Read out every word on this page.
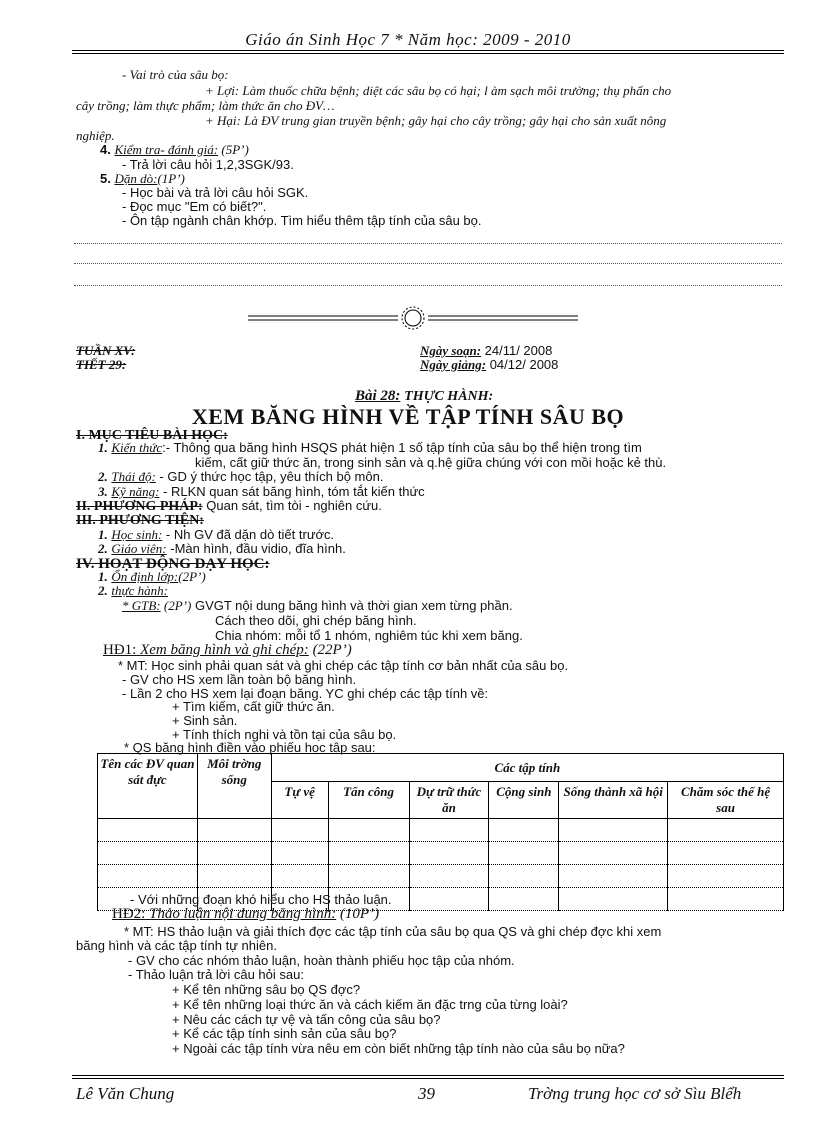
Giáo án Sinh Học 7 * Năm học: 2009 - 2010
- Vai trò của sâu bọ:
+ Lợi: Làm thuốc chữa bệnh; diệt các sâu bọ có hại; l àm sạch môi trường; thụ phấn cho
cây trồng; làm thực phẩm; làm thức ăn cho ĐV…
+ Hại: Là ĐV trung gian truyền bệnh; gây hại cho cây trồng; gây hại cho sản xuất nông
nghiệp.
4. Kiểm tra- đánh giá: (5P’)
- Trả lời câu hỏi 1,2,3SGK/93.
5. Dặn dò:(1P’)
- Học bài và trả lời câu hỏi SGK.
- Đọc mục "Em có biết?".
- Ôn tập ngành chân khớp. Tìm hiểu thêm tập tính của sâu bọ.
TUẦN XV:
TIẾT 29:
Ngày soạn: 24/11/ 2008
Ngày giảng: 04/12/ 2008
Bài 28: THỰC HÀNH:
XEM BĂNG HÌNH VỀ TẬP TÍNH SÂU BỌ
I. MỤC TIÊU BÀI HỌC:
1. Kiến thức:- Thông qua băng hình HSQS phát hiện 1 số tập tính của sâu bọ thể hiện trong tìm
kiếm, cất giữ thức ăn, trong sinh sản và q.hệ giữa chúng với con mồi hoặc kẻ thù.
2. Thái độ: - GD ý thức học tập, yêu thích bộ môn.
3. Kỹ năng: - RLKN quan sát băng hình, tóm tắt kiến thức
II. PHƯƠNG PHÁP: Quan sát, tìm tòi - nghiên cứu.
III. PHƯƠNG TIỆN:
1. Học sinh: - Nh GV đã dặn dò tiết trước.
2. Giáo viên: -Màn hình, đầu vidio, đĩa hình.
IV. HOẠT ĐỘNG DẠY HỌC:
1. Ổn định lớp:(2P’)
2. thực hành:
* GTB: (2P’) GVGT nội dung băng hình và thời gian xem từng phần.
Cách theo dõi, ghi chép băng hình.
Chia nhóm: mỗi tổ 1 nhóm, nghiêm túc khi xem băng.
HĐ1: Xem băng hình và ghi chép: (22P’)
* MT: Học sinh phải quan sát và ghi chép các tập tính cơ bản nhất của sâu bọ.
- GV cho HS xem lần toàn bộ băng hình.
- Lần 2 cho HS xem lại đoạn băng. YC ghi chép các tập tính về:
+ Tìm kiếm, cất giữ thức ăn.
+ Sinh sản.
+ Tính thích nghi và tồn tại của sâu bọ.
* QS băng hình điền vào phiếu học tập sau:
Tên các ĐV quan sát đực	Môi trờng sống	Các tập tính					
		Tự vệ	Tấn công	Dự trữ thức ăn	Cộng sinh	Sống thành xã hội	Chăm sóc thế hệ sau

- Với những đoạn khó hiểu cho HS thảo luận.
HĐ2: Thảo luận nội dung băng hình: (10P’)
* MT: HS thảo luận và giải thích đợc các tập tính của sâu bọ qua QS và ghi chép đợc khi xem
băng hình và các tập tính tự nhiên.
- GV cho các nhóm thảo luận, hoàn thành phiếu học tập của nhóm.
- Thảo luận trả lời câu hỏi sau:
+ Kể tên những sâu bọ QS đợc?
+ Kể tên những loại thức ăn và cách kiếm ăn đặc trng của từng loài?
+ Nêu các cách tự vệ và tấn công của sâu bọ?
+ Kể các tập tính sinh sản của sâu bọ?
+ Ngoài các tập tính vừa nêu em còn biết những tập tính nào của sâu bọ nữa?
Lê Văn Chung	39	Trờng trung học cơ sở Sìu Blểh
